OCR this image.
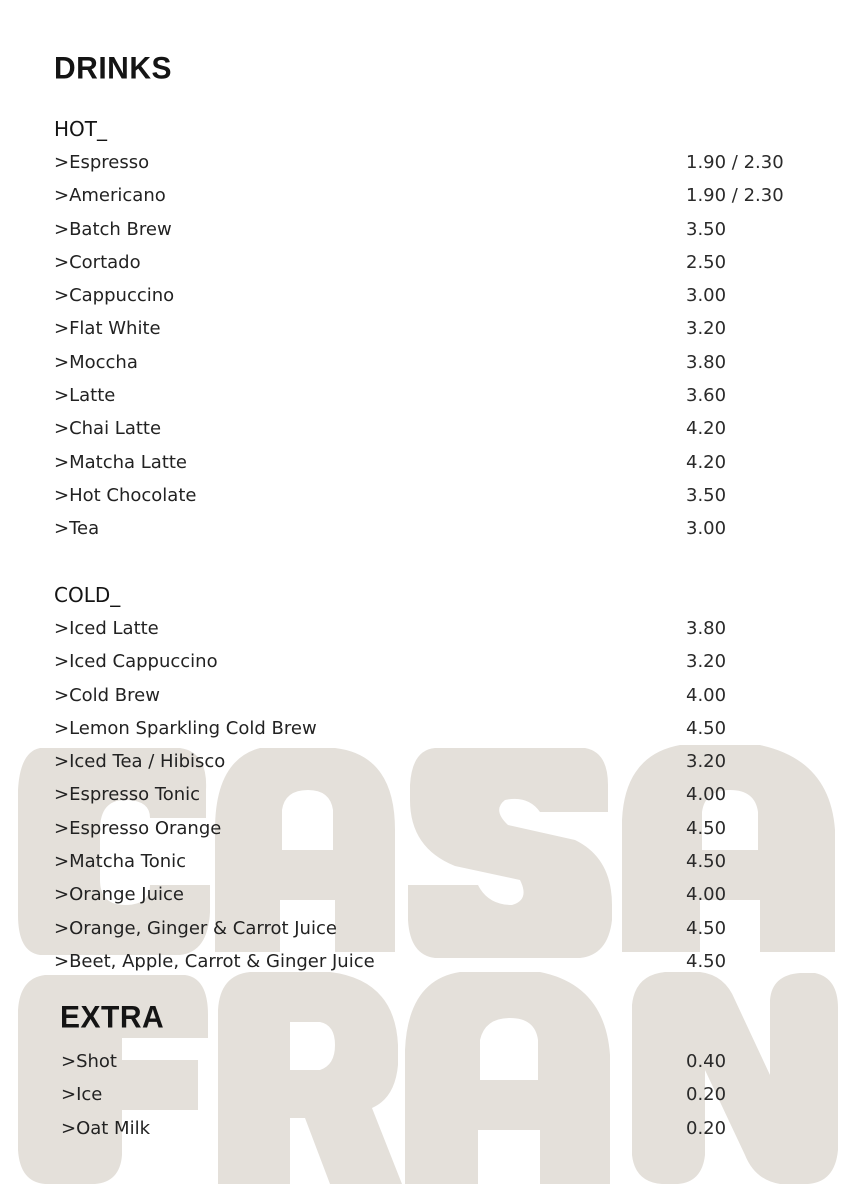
DRINKS
HOT_
>Espresso	1.90 / 2.30
>Americano	1.90 / 2.30
>Batch Brew	3.50
>Cortado	2.50
>Cappuccino	3.00
>Flat White	3.20
>Moccha	3.80
>Latte	3.60
>Chai Latte	4.20
>Matcha Latte	4.20
>Hot Chocolate	3.50
>Tea	3.00
COLD_
>Iced Latte	3.80
>Iced Cappuccino	3.20
>Cold Brew	4.00
>Lemon Sparkling Cold Brew	4.50
>Iced Tea / Hibisco	3.20
>Espresso Tonic	4.00
>Espresso Orange	4.50
>Matcha Tonic	4.50
>Orange Juice	4.00
>Orange, Ginger & Carrot Juice	4.50
>Beet, Apple, Carrot & Ginger Juice	4.50
EXTRA
>Shot	0.40
>Ice	0.20
>Oat Milk	0.20
